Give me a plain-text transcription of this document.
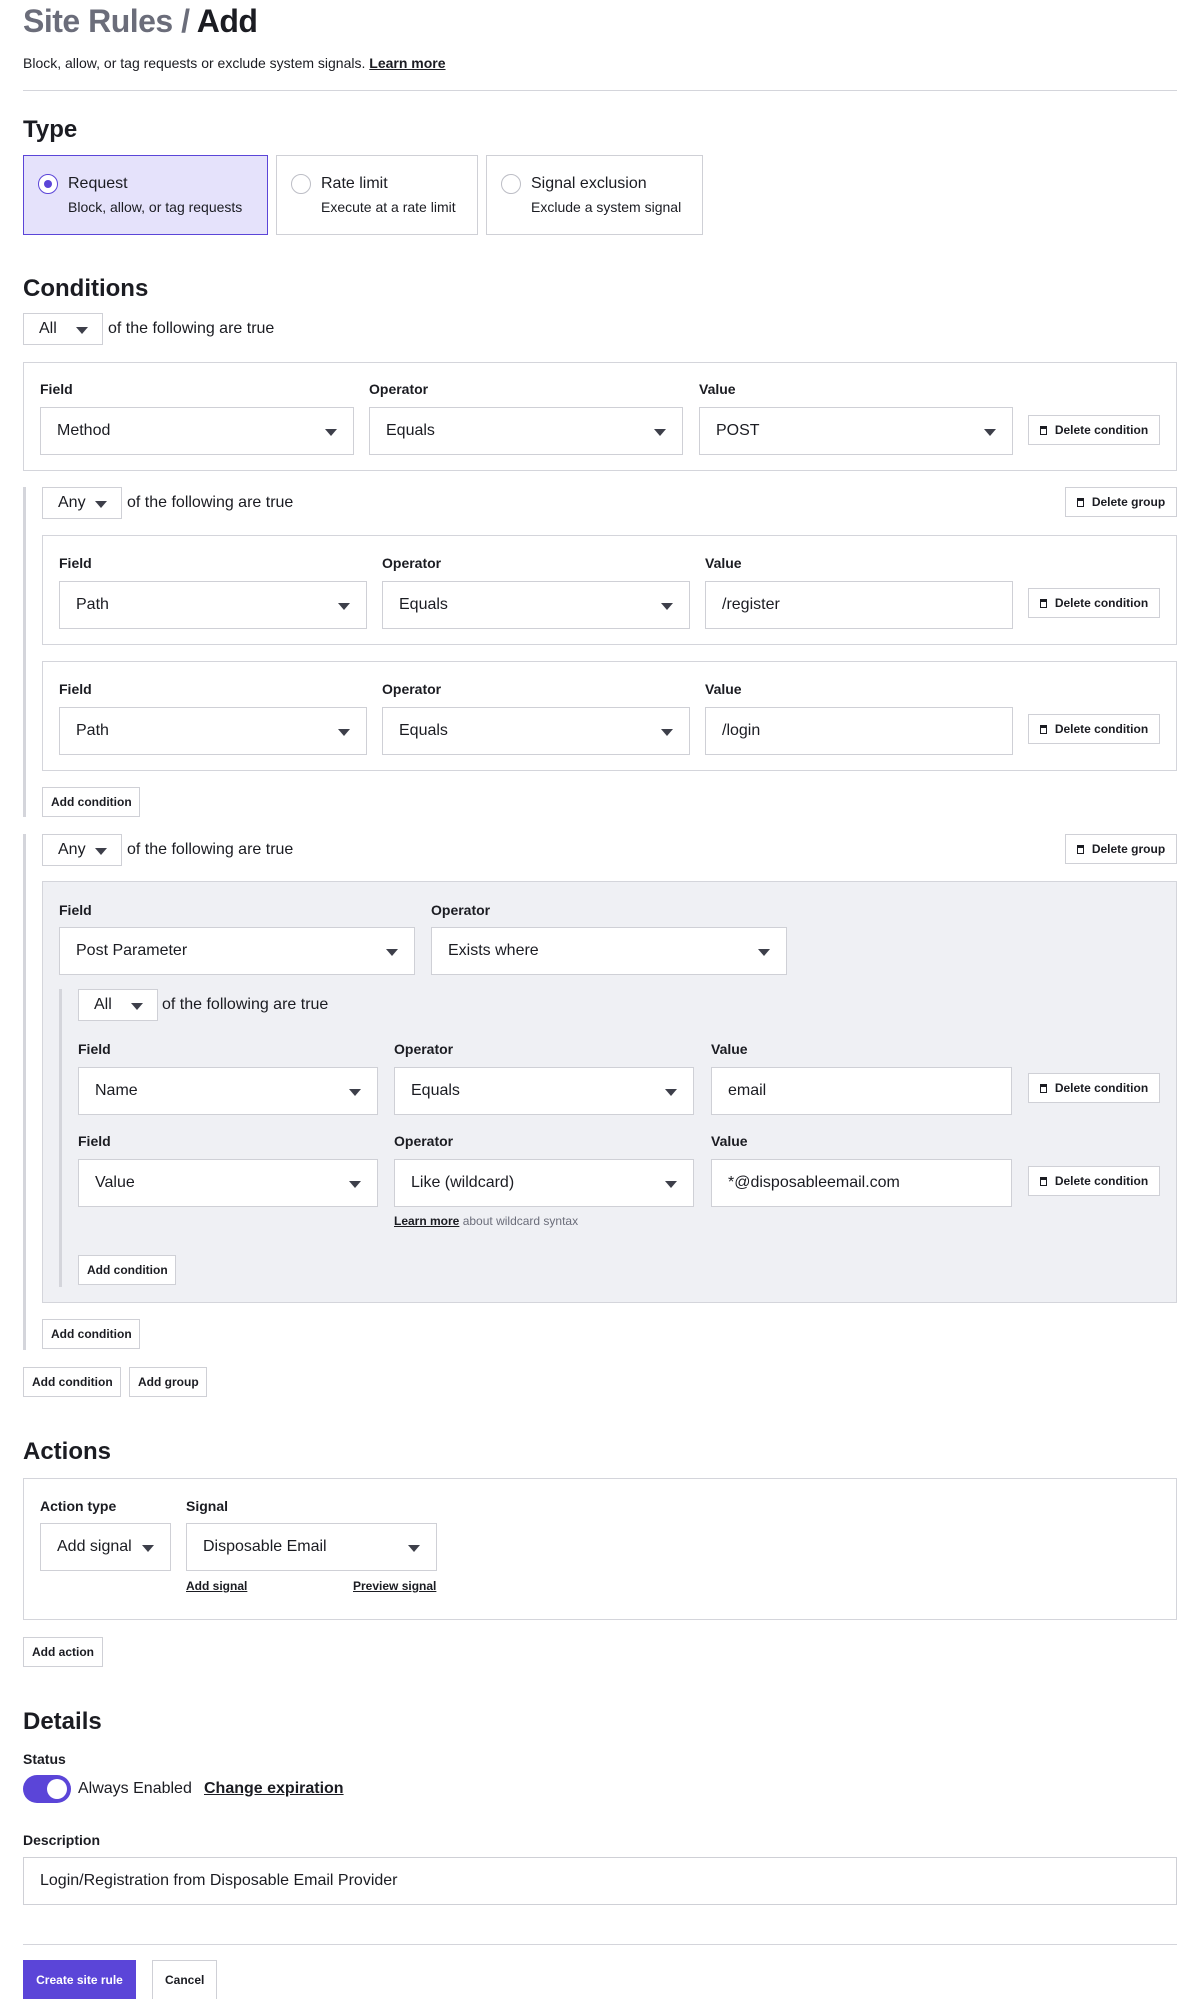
Site Rules / Add
Block, allow, or tag requests or exclude system signals. Learn more
Type
Request
Block, allow, or tag requests
Rate limit
Execute at a rate limit
Signal exclusion
Exclude a system signal
Conditions
All	of the following are true
Field	Operator	Value
Method	Equals	POST	Delete condition
Any	of the following are true	Delete group
Field	Operator	Value
Path	Equals	/register	Delete condition
Field	Operator	Value
Path	Equals	/login	Delete condition
Add condition
Any	of the following are true	Delete group
Field	Operator
Post Parameter	Exists where
All	of the following are true
Field	Operator	Value
Name	Equals	email	Delete condition
Field	Operator	Value
Value	Like (wildcard)	*@disposableemail.com	Delete condition
Learn more about wildcard syntax
Add condition
Add condition
Add condition	Add group
Actions
Action type	Signal
Add signal	Disposable Email
Add signal	Preview signal
Add action
Details
Status
Always Enabled Change expiration
Description
Login/Registration from Disposable Email Provider
Create site rule	Cancel
